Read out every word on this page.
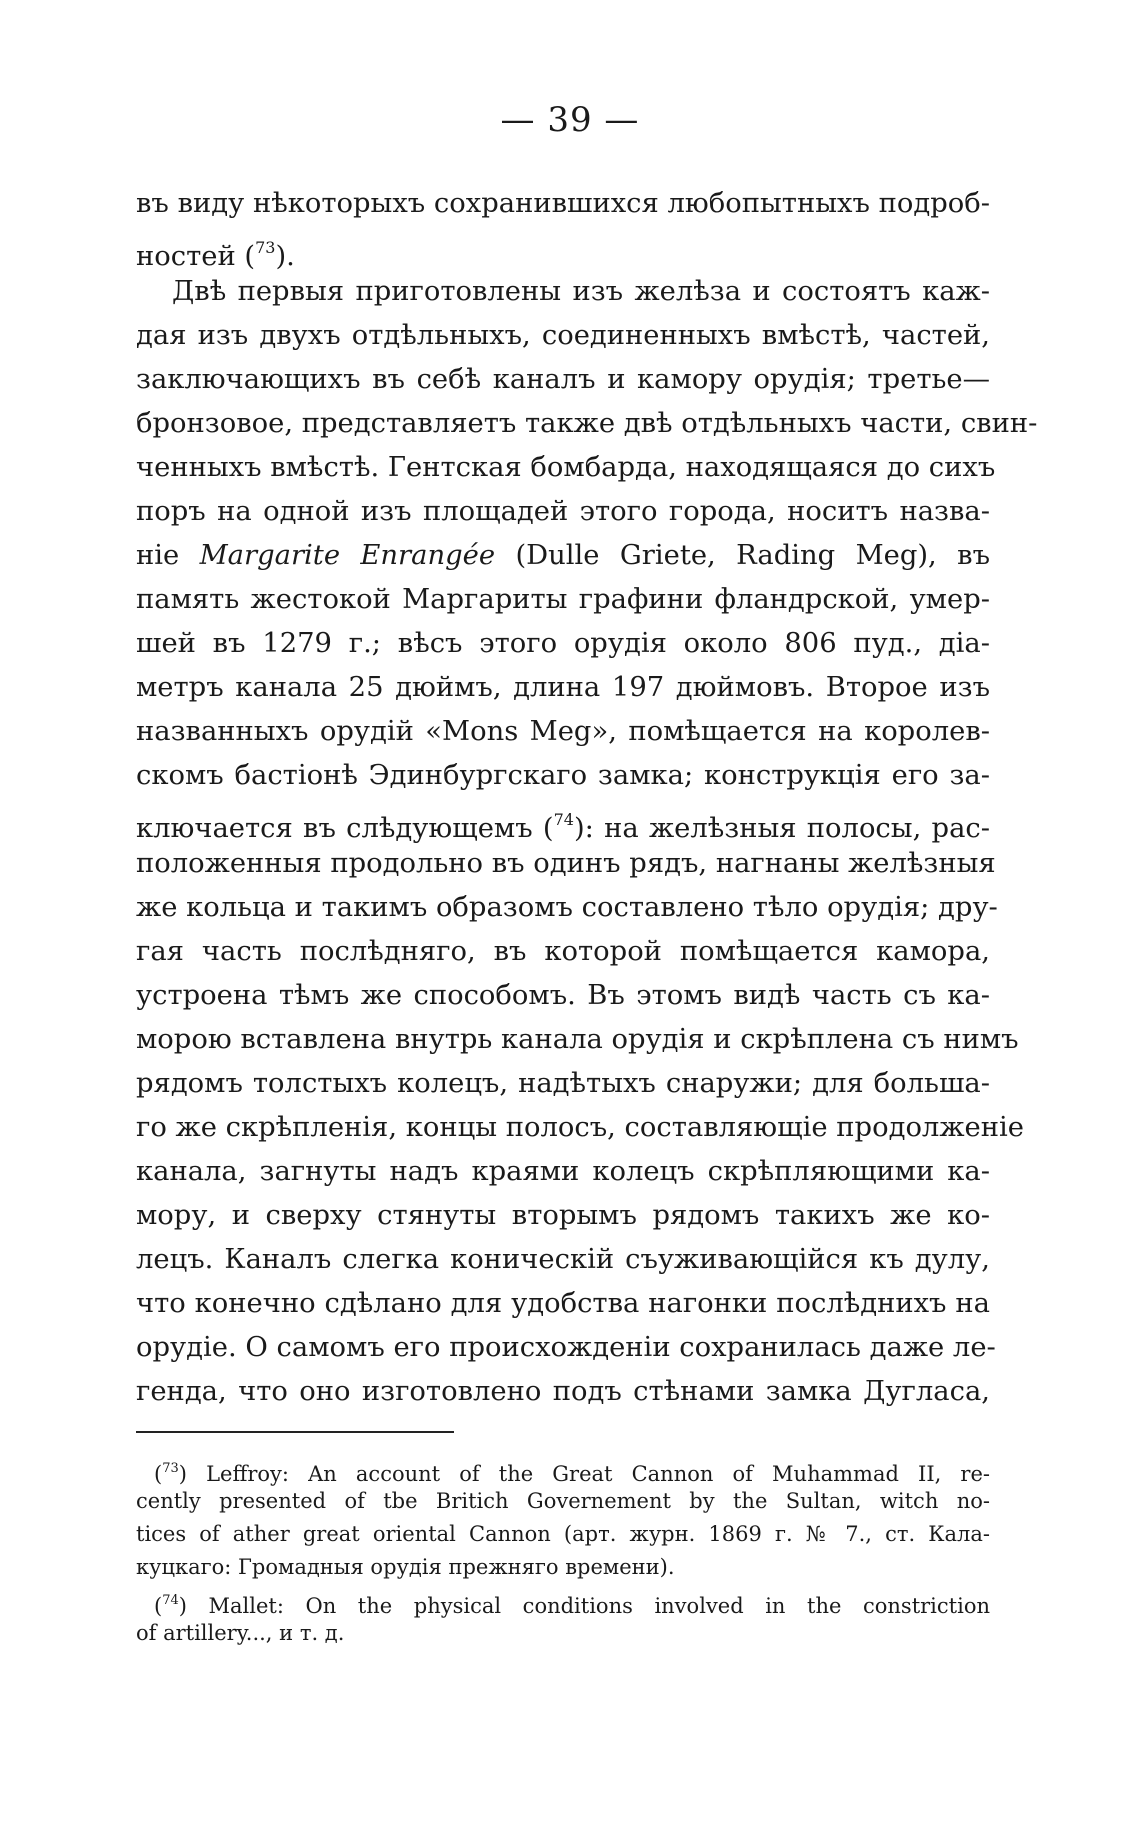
— 39 —
въ виду нѣкоторыхъ сохранившихся любопытныхъ подроб-
ностей ($^{73}$).
Двѣ первыя приготовлены изъ желѣза и состоятъ каж-
дая изъ двухъ отдѣльныхъ, соединенныхъ вмѣстѣ, частей,
заключающихъ въ себѣ каналъ и камору орудія; третье—
бронзовое, представляетъ также двѣ отдѣльныхъ части, свин-
ченныхъ вмѣстѣ. Гентская бомбарда, находящаяся до сихъ
поръ на одной изъ площадей этого города, носитъ назва-
ніе Margarite Enrangée (Dulle Griete, Rading Meg), въ
память жестокой Маргариты графини фландрской, умер-
шей въ 1279 г.; вѣсъ этого орудія около 806 пуд., діа-
метръ канала 25 дюймъ, длина 197 дюймовъ. Второе изъ
названныхъ орудій «Mons Meg», помѣщается на королев-
скомъ бастіонѣ Эдинбургскаго замка; конструкція его за-
ключается въ слѣдующемъ ($^{74}$): на желѣзныя полосы, рас-
положенныя продольно въ одинъ рядъ, нагнаны желѣзныя
же кольца и такимъ образомъ составлено тѣло орудія; дру-
гая часть послѣдняго, въ которой помѣщается камора,
устроена тѣмъ же способомъ. Въ этомъ видѣ часть съ ка-
морою вставлена внутрь канала орудія и скрѣплена съ нимъ
рядомъ толстыхъ колецъ, надѣтыхъ снаружи; для большa-
го же скрѣпленія, концы полосъ, составляющіе продолженіе
канала, загнуты надъ краями колецъ скрѣпляющими ка-
мору, и сверху стянуты вторымъ рядомъ такихъ же ко-
лецъ. Каналъ слегка коническій съуживающійся къ дулу,
что конечно сдѣлано для удобства нагонки послѣднихъ на
орудіе. О самомъ его происхожденіи сохранилась даже ле-
генда, что оно изготовлено подъ стѣнами замка Дугласа,
($^{73}$) Leffroy: An account of the Great Cannon of Muhammad II, re-
cently presented of tbe Britich Governement by the Sultan, witch no-
tices of ather great oriental Cannon (арт. журн. 1869 г. № 7., ст. Кала-
куцкаго: Громадныя орудія прежняго времени).
($^{74}$) Mallet: On the physical conditions involved in the constriction
of artillery..., и т. д.
